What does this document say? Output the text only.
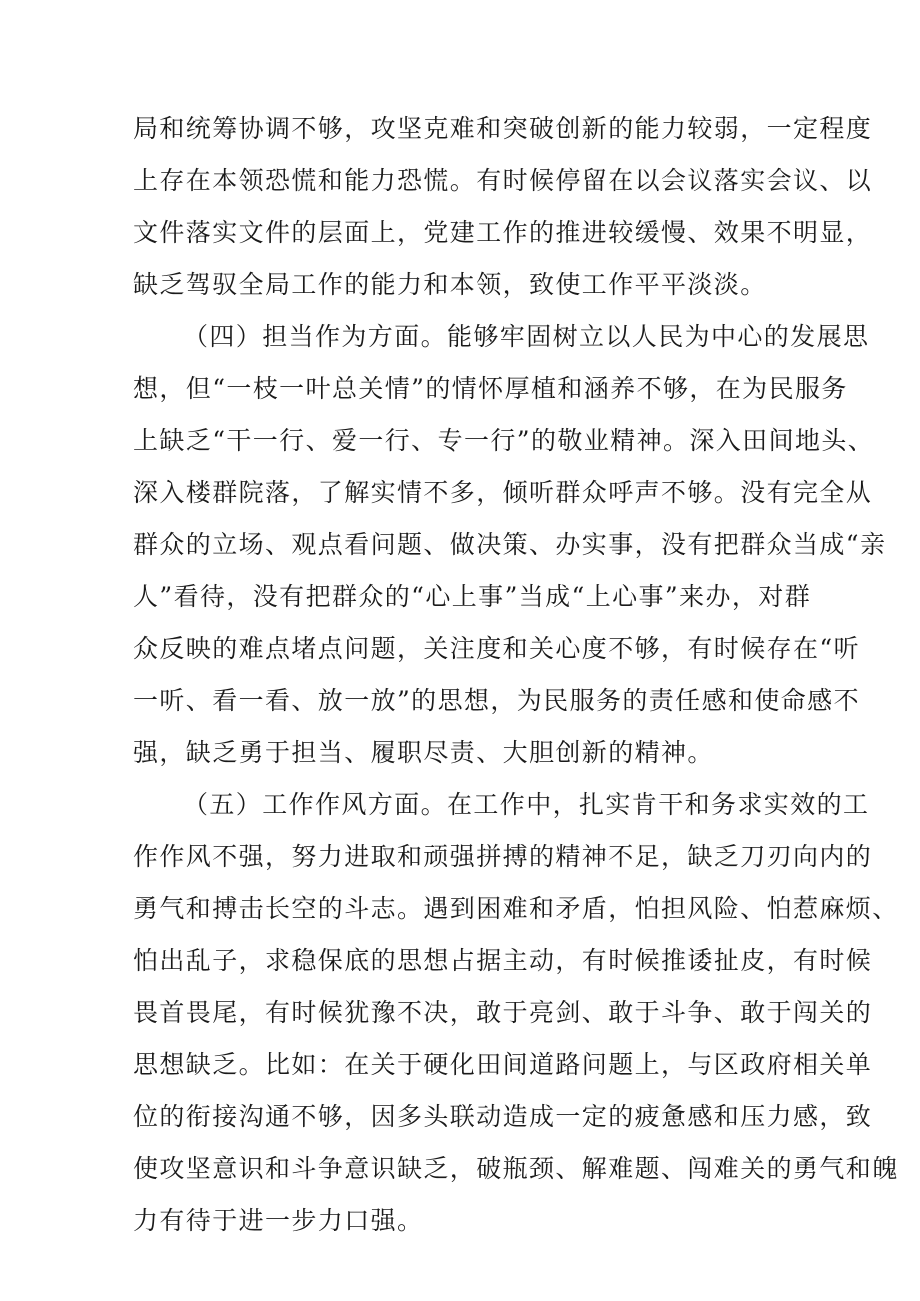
局和统筹协调不够，攻坚克难和突破创新的能力较弱，一定程度
上存在本领恐慌和能力恐慌。有时候停留在以会议落实会议、以
文件落实文件的层面上，党建工作的推进较缓慢、效果不明显，
缺乏驾驭全局工作的能力和本领，致使工作平平淡淡。
（四）担当作为方面。能够牢固树立以人民为中心的发展思
想，但“一枝一叶总关情”的情怀厚植和涵养不够，在为民服务
上缺乏“干一行、爱一行、专一行”的敬业精神。深入田间地头、
深入楼群院落，了解实情不多，倾听群众呼声不够。没有完全从
群众的立场、观点看问题、做决策、办实事，没有把群众当成“亲
人”看待，没有把群众的“心上事”当成“上心事”来办，对群
众反映的难点堵点问题，关注度和关心度不够，有时候存在“听
一听、看一看、放一放”的思想，为民服务的责任感和使命感不
强，缺乏勇于担当、履职尽责、大胆创新的精神。
（五）工作作风方面。在工作中，扎实肯干和务求实效的工
作作风不强，努力进取和顽强拼搏的精神不足，缺乏刀刃向内的
勇气和搏击长空的斗志。遇到困难和矛盾，怕担风险、怕惹麻烦、
怕出乱子，求稳保底的思想占据主动，有时候推诿扯皮，有时候
畏首畏尾，有时候犹豫不决，敢于亮剑、敢于斗争、敢于闯关的
思想缺乏。比如：在关于硬化田间道路问题上，与区政府相关单
位的衔接沟通不够，因多头联动造成一定的疲惫感和压力感，致
使攻坚意识和斗争意识缺乏，破瓶颈、解难题、闯难关的勇气和魄
力有待于进一步力口强。
